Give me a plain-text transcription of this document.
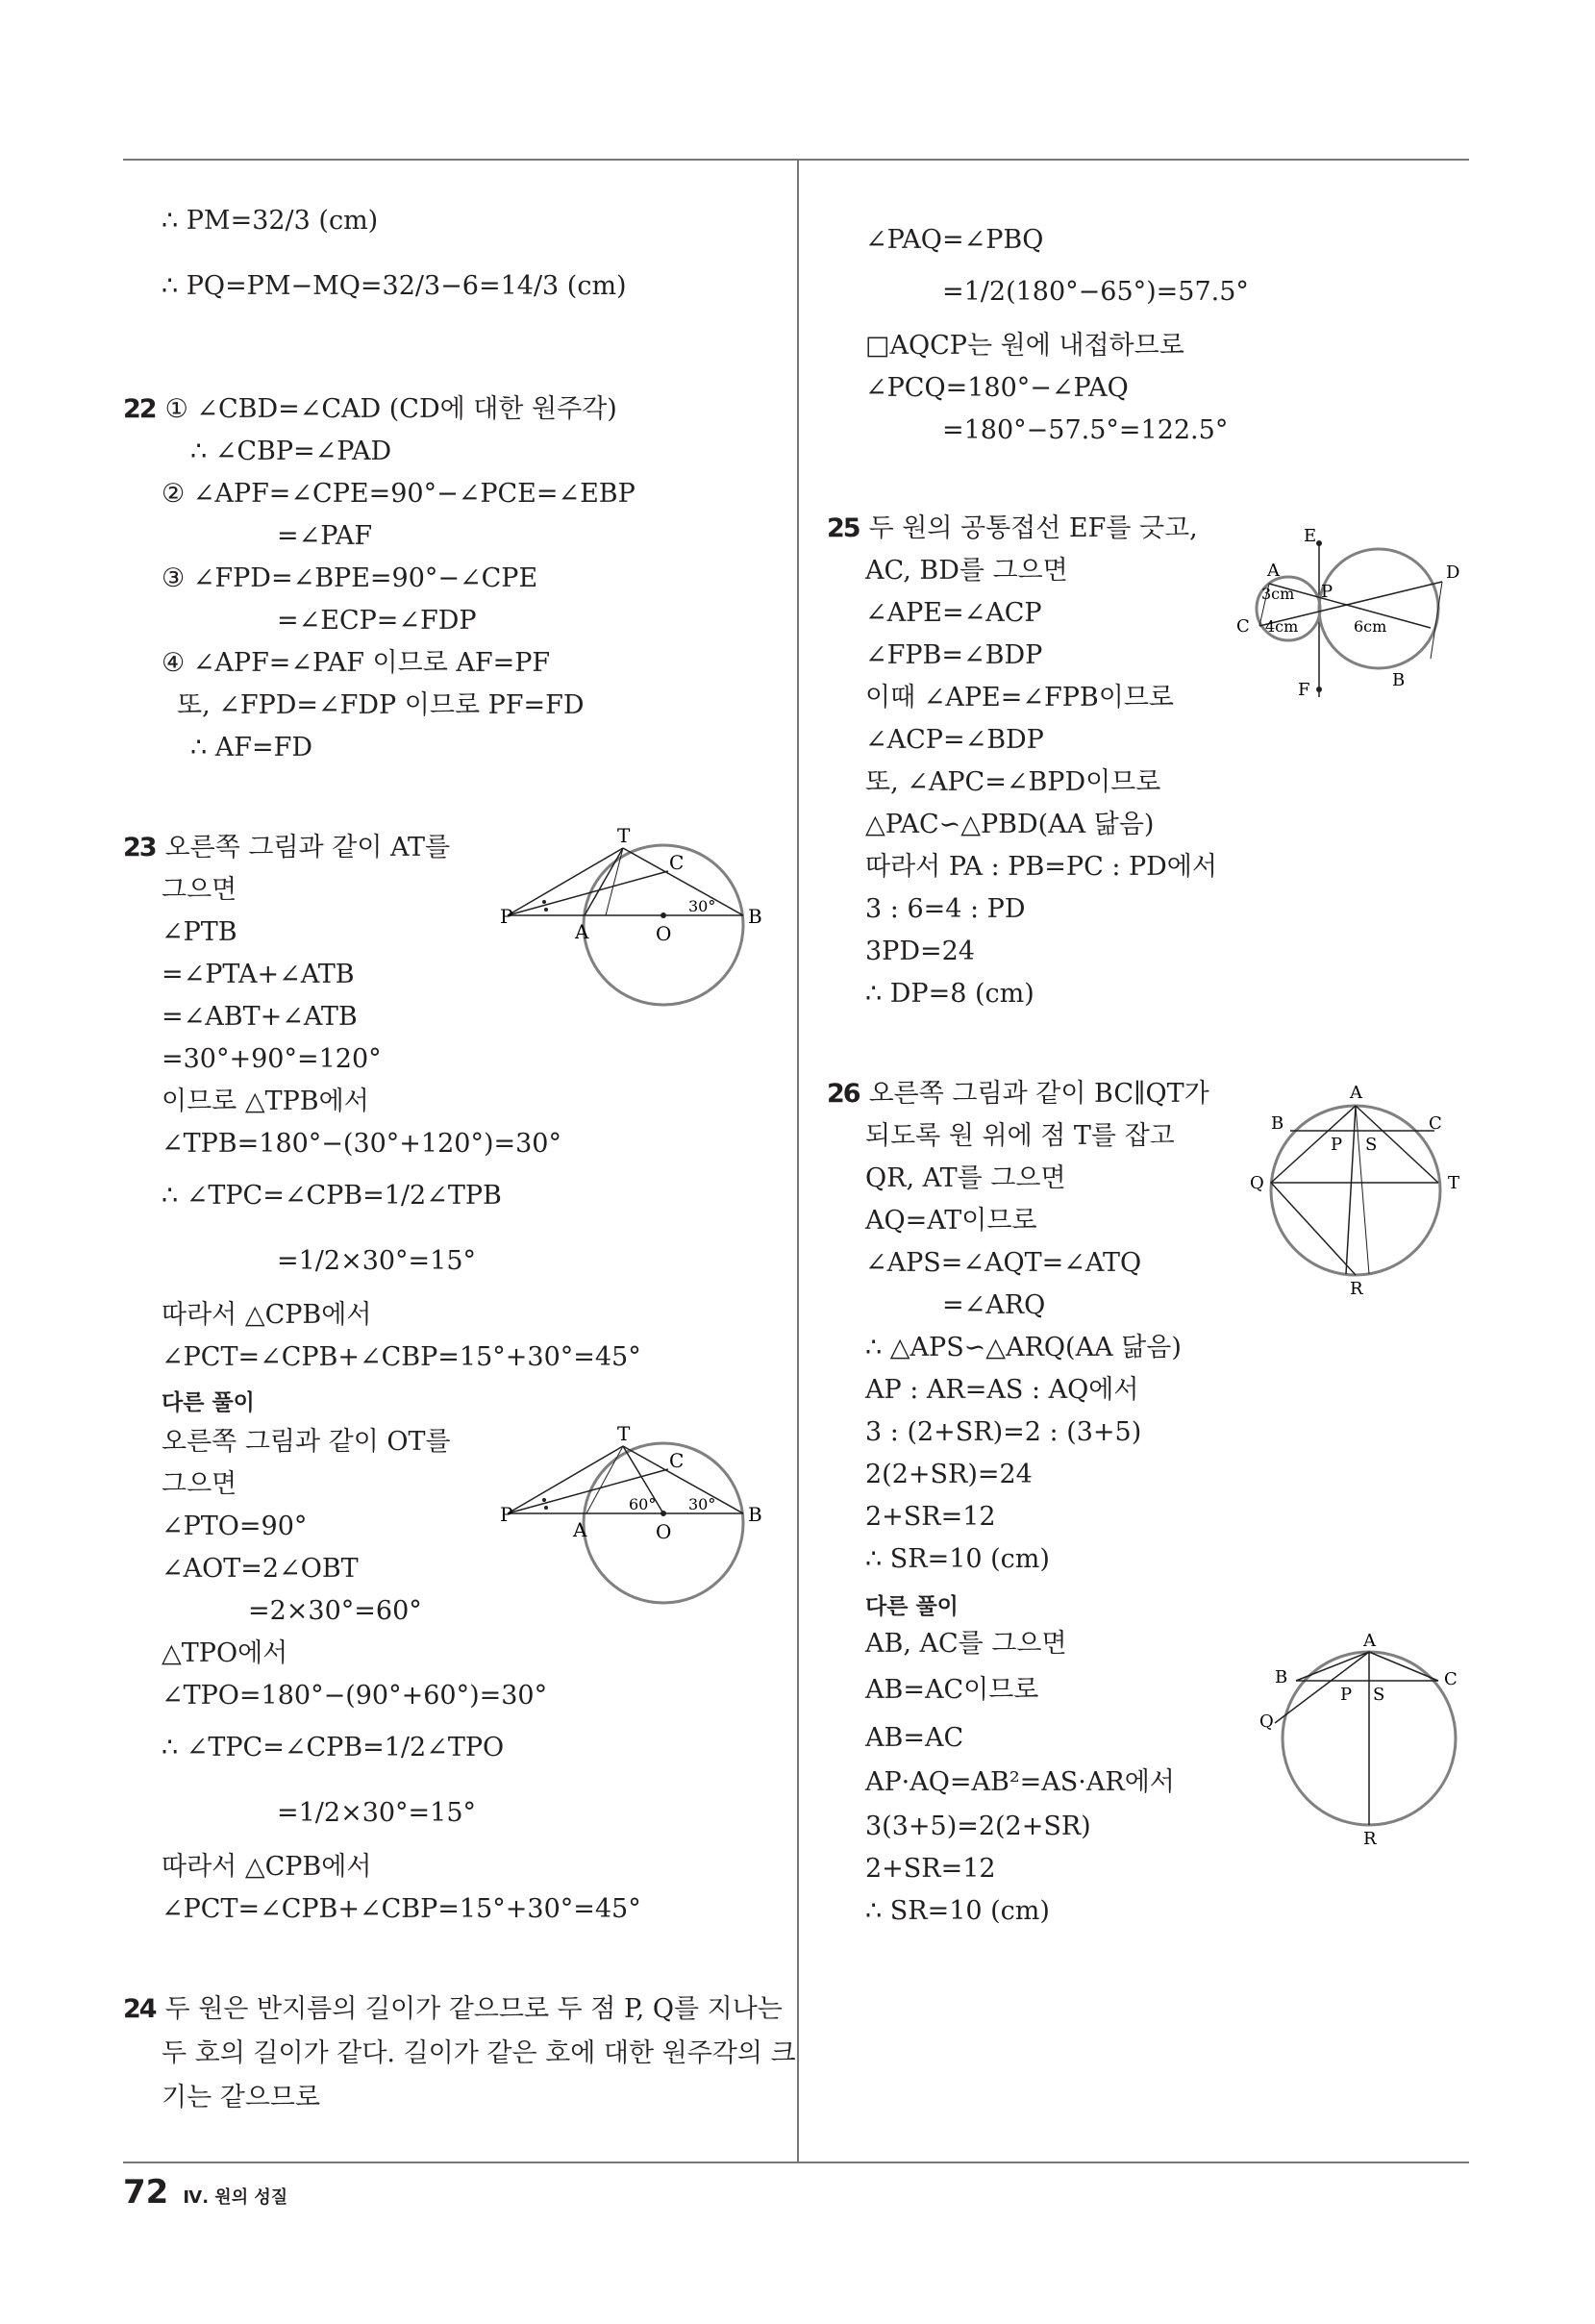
∴ PM=32/3 (cm)
∴ PQ=PM−MQ=32/3−6=14/3 (cm)
22 ① ∠CBD=∠CAD (CD에 대한 원주각)
∴ ∠CBP=∠PAD
② ∠APF=∠CPE=90°−∠PCE=∠EBP
=∠PAF
③ ∠FPD=∠BPE=90°−∠CPE
=∠ECP=∠FDP
④ ∠APF=∠PAF 이므로 AF=PF
또, ∠FPD=∠FDP 이므로 PF=FD
∴ AF=FD
23 오른쪽 그림과 같이 AT를
그으면
∠PTB
=∠PTA+∠ATB
=∠ABT+∠ATB
=30°+90°=120°
이므로 △TPB에서
∠TPB=180°−(30°+120°)=30°
∴ ∠TPC=∠CPB=1/2∠TPB
=1/2×30°=15°
따라서 △CPB에서
∠PCT=∠CPB+∠CBP=15°+30°=45°
다른 풀이
오른쪽 그림과 같이 OT를
그으면
∠PTO=90°
∠AOT=2∠OBT
=2×30°=60°
△TPO에서
∠TPO=180°−(90°+60°)=30°
∴ ∠TPC=∠CPB=1/2∠TPO
=1/2×30°=15°
따라서 △CPB에서
∠PCT=∠CPB+∠CBP=15°+30°=45°
24 두 원은 반지름의 길이가 같으므로 두 점 P, Q를 지나는
두 호의 길이가 같다. 길이가 같은 호에 대한 원주각의 크
기는 같으므로
∠PAQ=∠PBQ
=1/2(180°−65°)=57.5°
□AQCP는 원에 내접하므로
∠PCQ=180°−∠PAQ
=180°−57.5°=122.5°
25 두 원의 공통접선 EF를 긋고,
AC, BD를 그으면
∠APE=∠ACP
∠FPB=∠BDP
이때 ∠APE=∠FPB이므로
∠ACP=∠BDP
또, ∠APC=∠BPD이므로
△PAC∽△PBD(AA 닮음)
따라서 PA : PB=PC : PD에서
3 : 6=4 : PD
3PD=24
∴ DP=8 (cm)
26 오른쪽 그림과 같이 BC∥QT가
되도록 원 위에 점 T를 잡고
QR, AT를 그으면
AQ=AT이므로
∠APS=∠AQT=∠ATQ
=∠ARQ
∴ △APS∽△ARQ(AA 닮음)
AP : AR=AS : AQ에서
3 : (2+SR)=2 : (3+5)
2(2+SR)=24
2+SR=12
∴ SR=10 (cm)
다른 풀이
AB, AC를 그으면
AB=AC이므로
AB=AC
AP·AQ=AB²=AS·AR에서
3(3+5)=2(2+SR)
2+SR=12
∴ SR=10 (cm)
T
C
P
A	O
B
30°
T
C
P
A	O
B
60° 30°
E
A	D
3cm P
C 4cm	6cm
F	B
A
B	C
P S
Q	T
R
A
B	C
P S
Q
R
72 Ⅳ. 원의 성질
